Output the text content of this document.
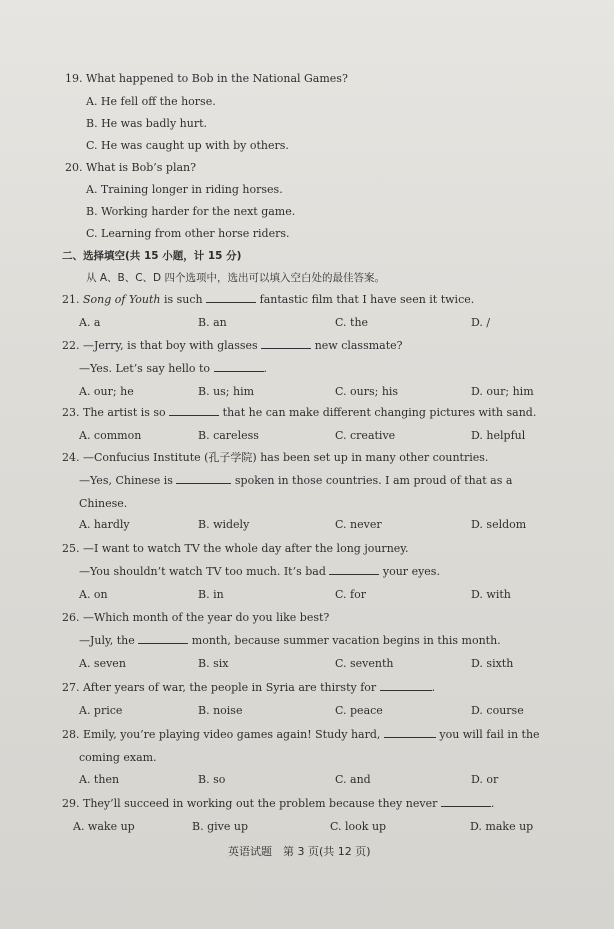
19. What happened to Bob in the National Games?
A. He fell off the horse.
B. He was badly hurt.
C. He was caught up with by others.
20. What is Bob’s plan?
A. Training longer in riding horses.
B. Working harder for the next game.
C. Learning from other horse riders.
二、选择填空(共 15 小题，计 15 分)
从 A、B、C、D 四个选项中，选出可以填入空白处的最佳答案。
21. Song of Youth is such	fantastic film that I have seen it twice.
A. a	B. an	C. the	D. /
22. —Jerry, is that boy with glasses	new classmate?
—Yes. Let’s say hello to	.
A. our; he	B. us; him	C. ours; his	D. our; him
23. The artist is so	that he can make different changing pictures with sand.
A. common	B. careless	C. creative	D. helpful
24. —Confucius Institute (孔子学院) has been set up in many other countries.
—Yes, Chinese is	spoken in those countries. I am proud of that as a
Chinese.
A. hardly	B. widely	C. never	D. seldom
25. —I want to watch TV the whole day after the long journey.
—You shouldn’t watch TV too much. It’s bad	your eyes.
A. on	B. in	C. for	D. with
26. —Which month of the year do you like best?
—July, the	month, because summer vacation begins in this month.
A. seven	B. six	C. seventh	D. sixth
27. After years of war, the people in Syria are thirsty for	.
A. price	B. noise	C. peace	D. course
28. Emily, you’re playing video games again! Study hard,	you will fail in the
coming exam.
A. then	B. so	C. and	D. or
29. They’ll succeed in working out the problem because they never	.
A. wake up	B. give up	C. look up	D. make up
英语试题　第 3 页(共 12 页)
